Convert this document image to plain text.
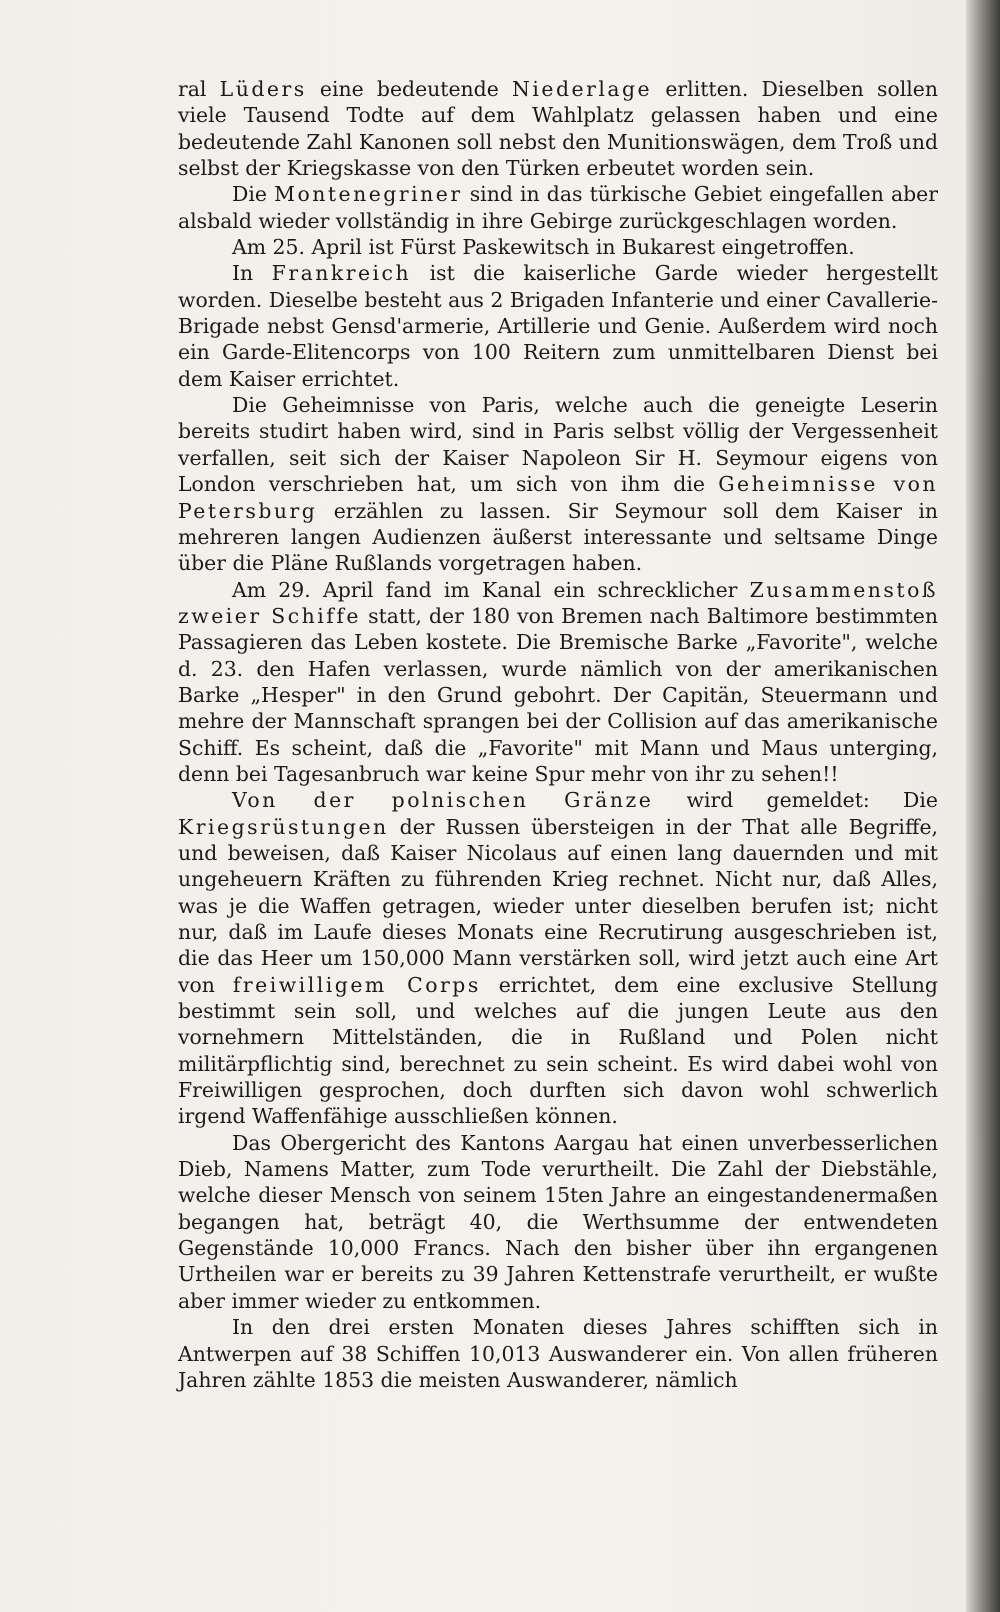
ral Lüders eine bedeutende Niederlage erlitten. Dieselben sollen viele Tausend Todte auf dem Wahlplatz gelassen haben und eine bedeutende Zahl Kanonen soll nebst den Munitionswägen, dem Troß und selbst der Kriegskasse von den Türken erbeutet worden sein.

Die Montenegriner sind in das türkische Gebiet eingefallen aber alsbald wieder vollständig in ihre Gebirge zurückgeschlagen worden.

Am 25. April ist Fürst Paskewitsch in Bukarest eingetroffen.

In Frankreich ist die kaiserliche Garde wieder hergestellt worden. Dieselbe besteht aus 2 Brigaden Infanterie und einer Cavallerie-Brigade nebst Gensd'armerie, Artillerie und Genie. Außerdem wird noch ein Garde-Elitencorps von 100 Reitern zum unmittelbaren Dienst bei dem Kaiser errichtet.

Die Geheimnisse von Paris, welche auch die geneigte Leserin bereits studirt haben wird, sind in Paris selbst völlig der Vergessenheit verfallen, seit sich der Kaiser Napoleon Sir H. Seymour eigens von London verschrieben hat, um sich von ihm die Geheimnisse von Petersburg erzählen zu lassen. Sir Seymour soll dem Kaiser in mehreren langen Audienzen äußerst interessante und seltsame Dinge über die Pläne Rußlands vorgetragen haben.

Am 29. April fand im Kanal ein schrecklicher Zusammenstoß zweier Schiffe statt, der 180 von Bremen nach Baltimore bestimmten Passagieren das Leben kostete. Die Bremische Barke „Favorite", welche d. 23. den Hafen verlassen, wurde nämlich von der amerikanischen Barke „Hesper" in den Grund gebohrt. Der Capitän, Steuermann und mehre der Mannschaft sprangen bei der Collision auf das amerikanische Schiff. Es scheint, daß die „Favorite" mit Mann und Maus unterging, denn bei Tagesanbruch war keine Spur mehr von ihr zu sehen!!

Von der polnischen Gränze wird gemeldet: Die Kriegsrüstungen der Russen übersteigen in der That alle Begriffe, und beweisen, daß Kaiser Nicolaus auf einen lang dauernden und mit ungeheuern Kräften zu führenden Krieg rechnet. Nicht nur, daß Alles, was je die Waffen getragen, wieder unter dieselben berufen ist; nicht nur, daß im Laufe dieses Monats eine Recrutirung ausgeschrieben ist, die das Heer um 150,000 Mann verstärken soll, wird jetzt auch eine Art von freiwilligem Corps errichtet, dem eine exclusive Stellung bestimmt sein soll, und welches auf die jungen Leute aus den vornehmern Mittelständen, die in Rußland und Polen nicht militärpflichtig sind, berechnet zu sein scheint. Es wird dabei wohl von Freiwilligen gesprochen, doch durften sich davon wohl schwerlich irgend Waffenfähige ausschließen können.

Das Obergericht des Kantons Aargau hat einen unverbesserlichen Dieb, Namens Matter, zum Tode verurtheilt. Die Zahl der Diebstähle, welche dieser Mensch von seinem 15ten Jahre an eingestandenermaßen begangen hat, beträgt 40, die Werthsumme der entwendeten Gegenstände 10,000 Francs. Nach den bisher über ihn ergangenen Urtheilen war er bereits zu 39 Jahren Kettenstrafe verurtheilt, er wußte aber immer wieder zu entkommen.

In den drei ersten Monaten dieses Jahres schifften sich in Antwerpen auf 38 Schiffen 10,013 Auswanderer ein. Von allen früheren Jahren zählte 1853 die meisten Auswanderer, nämlich
